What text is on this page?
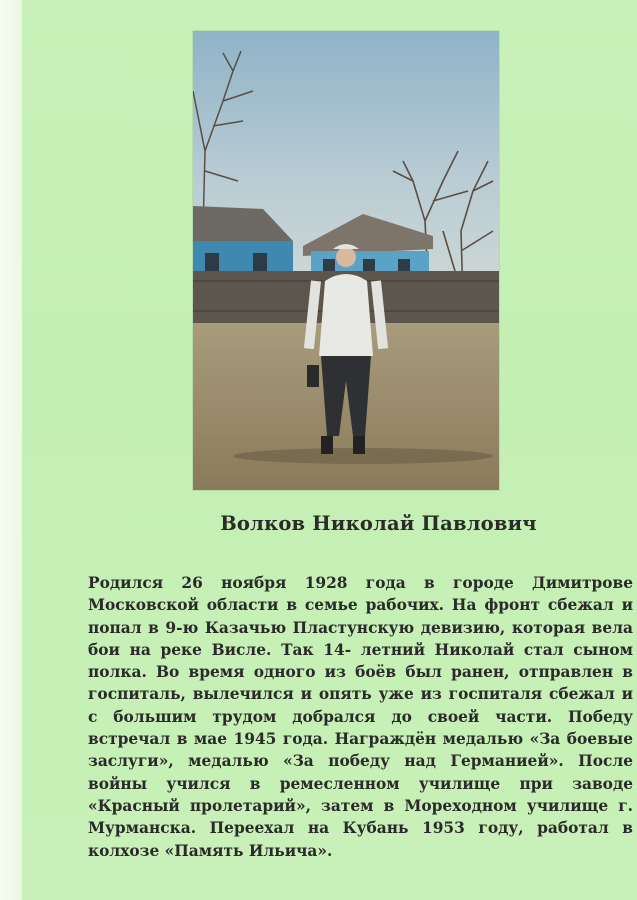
Волков Николай Павлович
Родился 26 ноября 1928 года в городе Димитрове
Московской области в семье рабочих. На фронт сбежал и
попал в 9-ю Казачью Пластунскую девизию, которая вела
бои на реке Висле. Так 14- летний Николай стал сыном
полка. Во время одного из боёв был ранен, отправлен в
госпиталь, вылечился и опять уже из госпиталя сбежал и
с большим трудом добрался до своей части. Победу
встречал в мае 1945 года. Награждён медалью «За боевые
заслуги», медалью «За победу над Германией». После
войны учился в ремесленном училище при заводе
«Красный пролетарий», затем в Мореходном училище г.
Мурманска. Переехал на Кубань 1953 году, работал в
колхозе «Память Ильича».
